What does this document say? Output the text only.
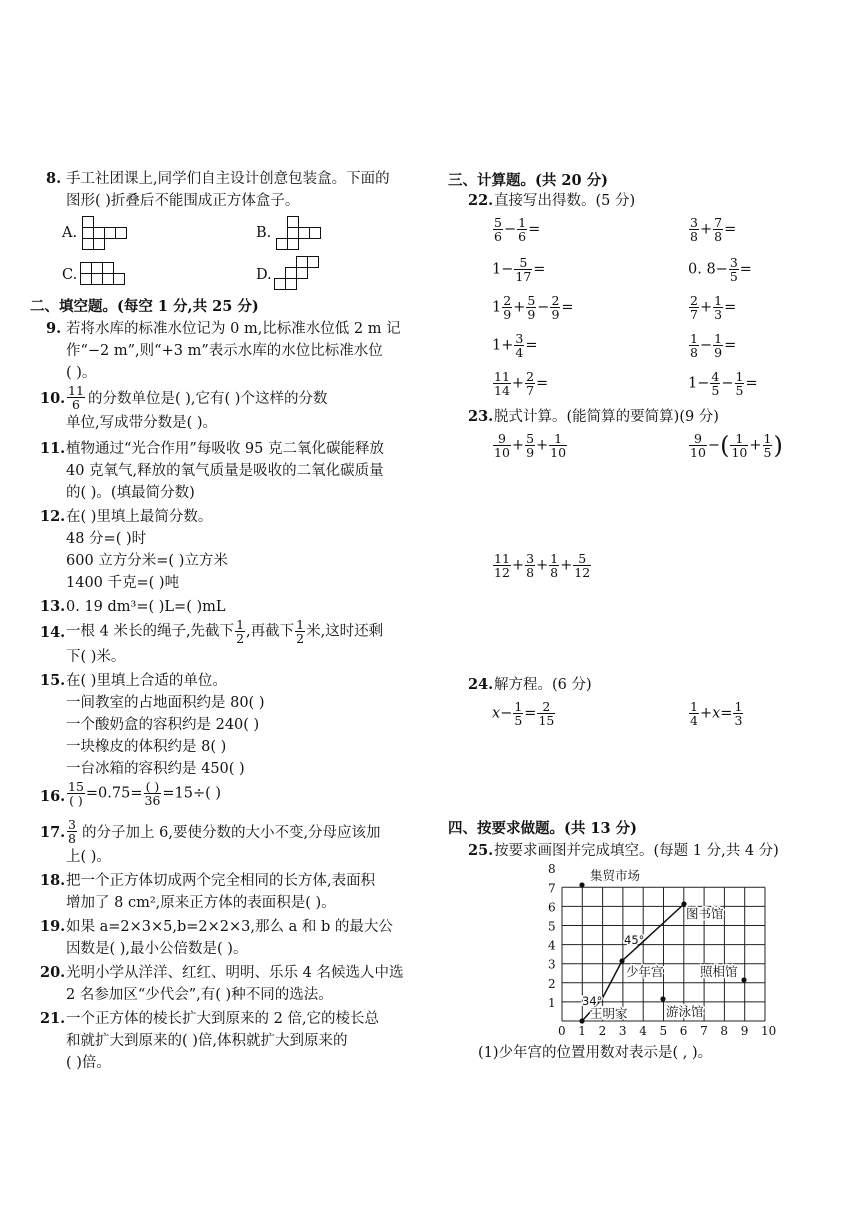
8. 手工社团课上,同学们自主设计创意包装盒。下面的
图形( )折叠后不能围成正方体盒子。
A.	B.
C.	D.
二、填空题。(每空 1 分,共 25 分)
9. 若将水库的标准水位记为 0 m,比标准水位低 2 m 记
作“−2 m”,则“+3 m”表示水库的水位比标准水位
( )。
10. $\frac{11}{6}$ 的分数单位是( ),它有( )个这样的分数
单位,写成带分数是( )。
11. 植物通过“光合作用”每吸收 95 克二氧化碳能释放
40 克氧气,释放的氧气质量是吸收的二氧化碳质量
的( )。(填最简分数)
12. 在( )里填上最简分数。
48 分=( )时
600 立方分米=( )立方米
1400 千克=( )吨
13. 0. 19 dm³=( )L=( )mL
14. 一根 4 米长的绳子,先截下 $\frac{1}{2}$ ,再截下 $\frac{1}{2}$ 米,这时还剩
下( )米。
15. 在( )里填上合适的单位。
一间教室的占地面积约是 80( )
一个酸奶盒的容积约是 240( )
一块橡皮的体积约是 8( )
一台冰箱的容积约是 450( )
16. $\frac{15}{( )} =0.75= \frac{( )}{36} =15\div$( )
17. $\frac{3}{8}$ 的分子加上 6,要使分数的大小不变,分母应该加
上( )。
18. 把一个正方体切成两个完全相同的长方体,表面积
增加了 8 cm²,原来正方体的表面积是( )。
19. 如果 a=2×3×5,b=2×2×3,那么 a 和 b 的最大公
因数是( ),最小公倍数是( )。
20. 光明小学从洋洋、红红、明明、乐乐 4 名候选人中选
2 名参加区“少代会”,有( )种不同的选法。
21. 一个正方体的棱长扩大到原来的 2 倍,它的棱长总
和就扩大到原来的( )倍,体积就扩大到原来的
( )倍。
三、计算题。(共 20 分)
22. 直接写出得数。(5 分)
$\frac{5}{6} - \frac{1}{6}$ =	$\frac{3}{8} + \frac{7}{8}$ =
$1- \frac{5}{17}$ =	0. $8- \frac{3}{5}$ =
$1 \frac{2}{9} + \frac{5}{9} - \frac{2}{9}$ =	$\frac{2}{7} + \frac{1}{3}$ =
$1+ \frac{3}{4}$ =	$\frac{1}{8} - \frac{1}{9}$ =
$\frac{11}{14} + \frac{2}{7}$ =	$1- \frac{4}{5} - \frac{1}{5}$ =
23. 脱式计算。(能简算的要简算)(9 分)
$\frac{9}{10} + \frac{5}{9} + \frac{1}{10}$	$\frac{9}{10}$ −( $\frac{1}{10} + \frac{1}{5}$ )
$\frac{11}{12} + \frac{3}{8} + \frac{1}{8} + \frac{5}{12}$
24. 解方程。(6 分)
$x- \frac{1}{5} = \frac{2}{15}$	$\frac{1}{4} +x= \frac{1}{3}$
四、按要求做题。(共 13 分)
25. 按要求画图并完成填空。(每题 1 分,共 4 分)
0 1 2 3 4 5 6 7 8 9 10
1
2
3
4
5
6
7
8	集贸市场
图书馆
少年宫	照相馆
王明家	游泳馆
45°
34°
(1)少年宫的位置用数对表示是( , )。
